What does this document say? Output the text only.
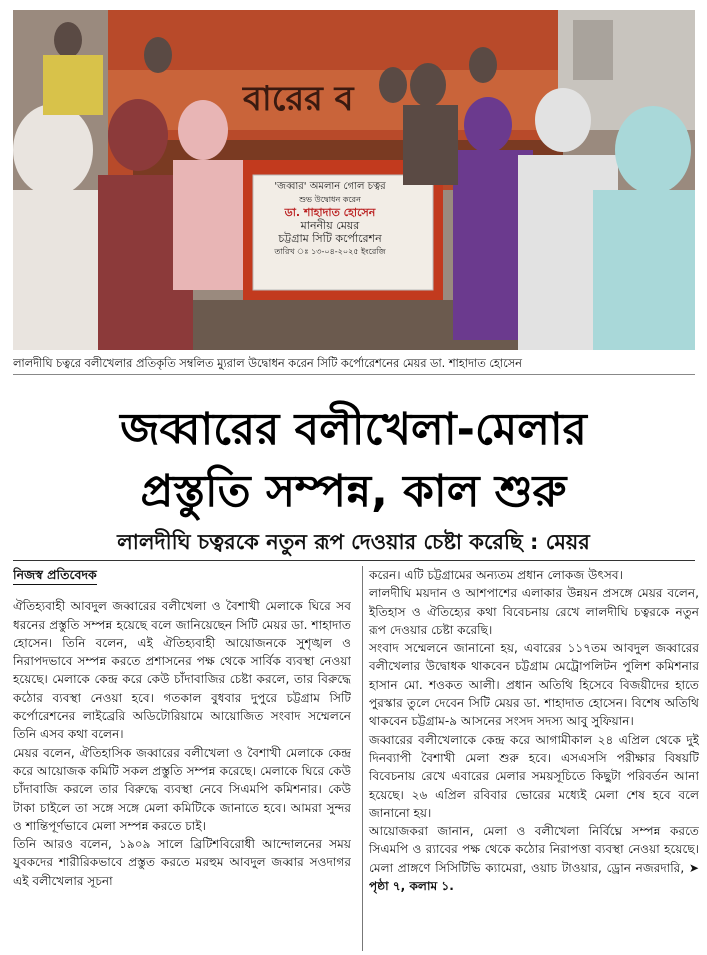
বারের ব
'জব্বার' অমলান গোল চত্বর
শুভ উদ্বোধন করেন
ডা. শাহাদাত হোসেন
মাননীয় মেয়র
চট্টগ্রাম সিটি কর্পোরেশন
তারিখ ঃ ১৩-০৪-২০২৫ ইংরেজি
লালদীঘি চত্বরে বলীখেলার প্রতিকৃতি সম্বলিত ম্যুরাল উদ্বোধন করেন সিটি কর্পোরেশনের মেয়র ডা. শাহাদাত হোসেন
জব্বারের বলীখেলা-মেলার
প্রস্তুতি সম্পন্ন, কাল শুরু
লালদীঘি চত্বরকে নতুন রূপ দেওয়ার চেষ্টা করেছি : মেয়র
নিজস্ব প্রতিবেদক

ঐতিহ্যবাহী আবদুল জব্বারের বলীখেলা ও বৈশাখী মেলাকে ঘিরে সব ধরনের প্রস্তুতি সম্পন্ন হয়েছে বলে জানিয়েছেন সিটি মেয়র ডা. শাহাদাত হোসেন। তিনি বলেন, এই ঐতিহ্যবাহী আয়োজনকে সুশৃঙ্খল ও নিরাপদভাবে সম্পন্ন করতে প্রশাসনের পক্ষ থেকে সার্বিক ব্যবস্থা নেওয়া হয়েছে। মেলাকে কেন্দ্র করে কেউ চাঁদাবাজির চেষ্টা করলে, তার বিরুদ্ধে কঠোর ব্যবস্থা নেওয়া হবে। গতকাল বুধবার দুপুরে চট্টগ্রাম সিটি কর্পোরেশনের লাইব্রেরি অডিটোরিয়ামে আয়োজিত সংবাদ সম্মেলনে তিনি এসব কথা বলেন।

মেয়র বলেন, ঐতিহাসিক জব্বারের বলীখেলা ও বৈশাখী মেলাকে কেন্দ্র করে আয়োজক কমিটি সকল প্রস্তুতি সম্পন্ন করেছে। মেলাকে ঘিরে কেউ চাঁদাবাজি করলে তার বিরুদ্ধে ব্যবস্থা নেবে সিএমপি কমিশনার। কেউ টাকা চাইলে তা সঙ্গে সঙ্গে মেলা কমিটিকে জানাতে হবে। আমরা সুন্দর ও শান্তিপূর্ণভাবে মেলা সম্পন্ন করতে চাই।

তিনি আরও বলেন, ১৯০৯ সালে ব্রিটিশবিরোধী আন্দোলনের সময় যুবকদের শারীরিকভাবে প্রস্তুত করতে মরহুম আবদুল জব্বার সওদাগর এই বলীখেলার সূচনা

করেন। এটি চট্টগ্রামের অন্যতম প্রধান লোকজ উৎসব।

লালদীঘি ময়দান ও আশপাশের এলাকার উন্নয়ন প্রসঙ্গে মেয়র বলেন, ইতিহাস ও ঐতিহ্যের কথা বিবেচনায় রেখে লালদীঘি চত্বরকে নতুন রূপ দেওয়ার চেষ্টা করেছি।

সংবাদ সম্মেলনে জানানো হয়, এবারের ১১৭তম আবদুল জব্বারের বলীখেলার উদ্বোধক থাকবেন চট্টগ্রাম মেট্রোপলিটন পুলিশ কমিশনার হাসান মো. শওকত আলী। প্রধান অতিথি হিসেবে বিজয়ীদের হাতে পুরস্কার তুলে দেবেন সিটি মেয়র ডা. শাহাদাত হোসেন। বিশেষ অতিথি থাকবেন চট্টগ্রাম-৯ আসনের সংসদ সদস্য আবু সুফিয়ান।

জব্বারের বলীখেলাকে কেন্দ্র করে আগামীকাল ২৪ এপ্রিল থেকে দুই দিনব্যাপী বৈশাখী মেলা শুরু হবে। এসএসসি পরীক্ষার বিষয়টি বিবেচনায় রেখে এবারের মেলার সময়সূচিতে কিছুটা পরিবর্তন আনা হয়েছে। ২৬ এপ্রিল রবিবার ভোরের মধ্যেই মেলা শেষ হবে বলে জানানো হয়।

আয়োজকরা জানান, মেলা ও বলীখেলা নির্বিঘ্নে সম্পন্ন করতে সিএমপি ও র‍্যাবের পক্ষ থেকে কঠোর নিরাপত্তা ব্যবস্থা নেওয়া হয়েছে। মেলা প্রাঙ্গণে সিসিটিভি ক্যামেরা, ওয়াচ টাওয়ার, ড্রোন নজরদারি, ➤ পৃষ্ঠা ৭, কলাম ১.
